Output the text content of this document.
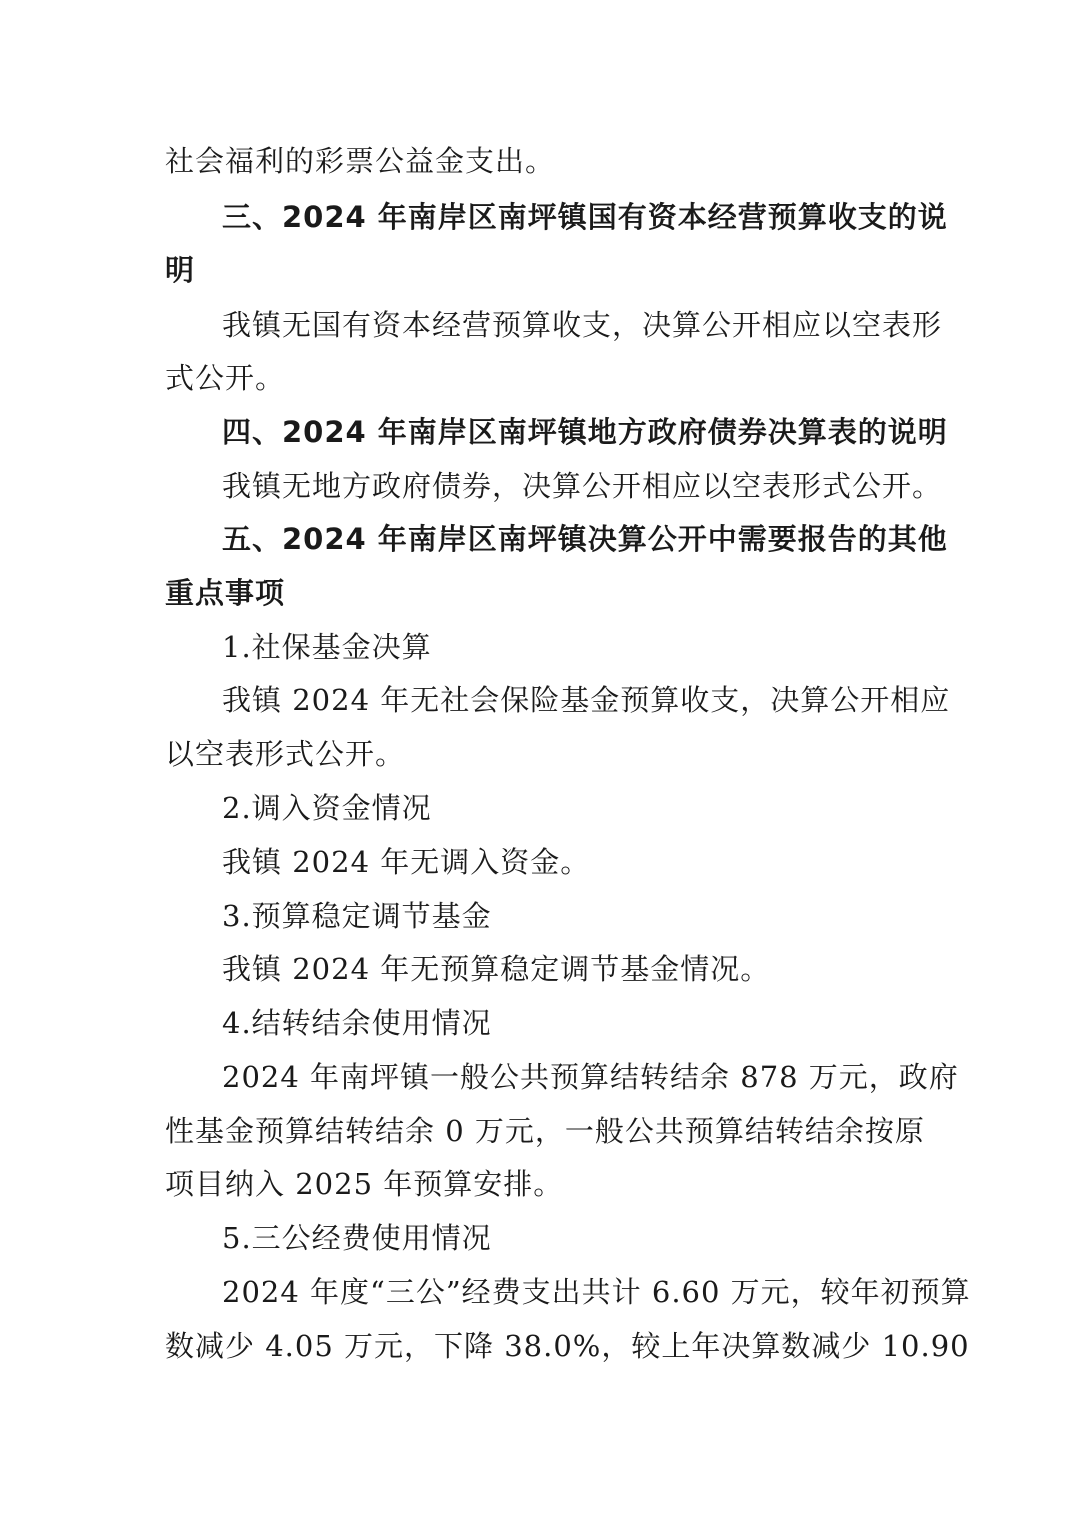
社会福利的彩票公益金支出。
三、2024 年南岸区南坪镇国有资本经营预算收支的说
明
我镇无国有资本经营预算收支，决算公开相应以空表形
式公开。
四、2024 年南岸区南坪镇地方政府债券决算表的说明
我镇无地方政府债券，决算公开相应以空表形式公开。
五、2024 年南岸区南坪镇决算公开中需要报告的其他
重点事项
1.社保基金决算
我镇 2024 年无社会保险基金预算收支，决算公开相应
以空表形式公开。
2.调入资金情况
我镇 2024 年无调入资金。
3.预算稳定调节基金
我镇 2024 年无预算稳定调节基金情况。
4.结转结余使用情况
2024 年南坪镇一般公共预算结转结余 878 万元，政府
性基金预算结转结余 0 万元，一般公共预算结转结余按原
项目纳入 2025 年预算安排。
5.三公经费使用情况
2024 年度“三公”经费支出共计 6.60 万元，较年初预算
数减少 4.05 万元，下降 38.0%，较上年决算数减少 10.90
